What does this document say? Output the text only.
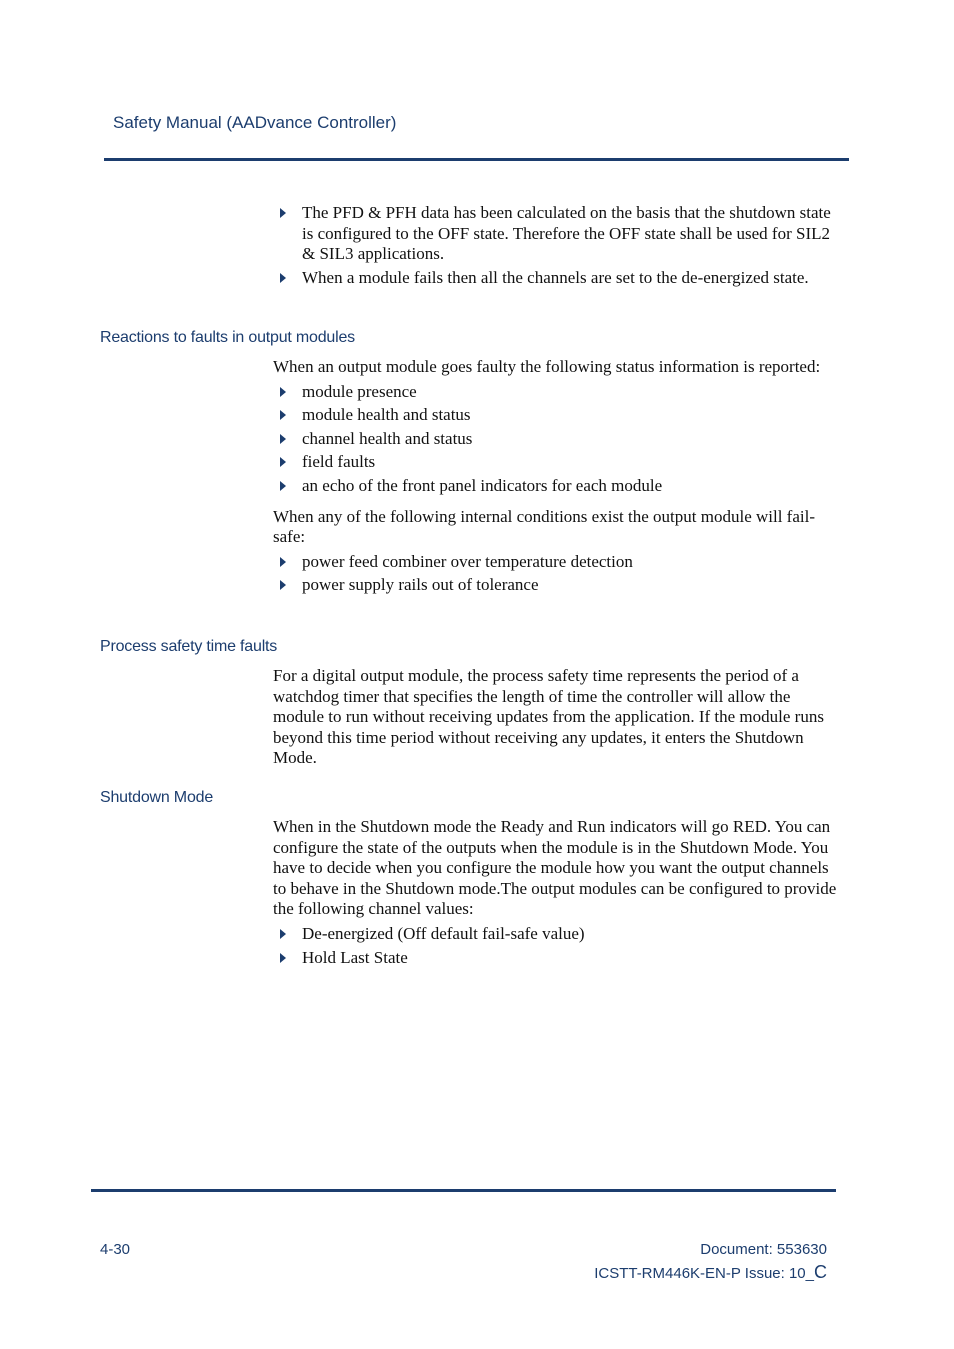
Safety Manual (AADvance Controller)
The PFD & PFH data has been calculated on the basis that the shutdown state is configured to the OFF state. Therefore the OFF state shall be used for SIL2 & SIL3 applications.
When a module fails then all the channels are set to the de-energized state.
Reactions to faults in output modules

When an output module goes faulty the following status information is reported:

module presence
module health and status
channel health and status
field faults
an echo of the front panel indicators for each module

When any of the following internal conditions exist the output module will fail-safe:

power feed combiner over temperature detection
power supply rails out of tolerance
Process safety time faults

For a digital output module, the process safety time represents the period of a watchdog timer that specifies the length of time the controller will allow the module to run without receiving updates from the application. If the module runs beyond this time period without receiving any updates, it enters the Shutdown Mode.

Shutdown Mode

When in the Shutdown mode the Ready and Run indicators will go RED. You can configure the state of the outputs when the module is in the Shutdown Mode. You have to decide when you configure the module how you want the output channels to behave in the Shutdown mode.The output modules can be configured to provide the following channel values:

De-energized (Off default fail-safe value)
Hold Last State
4-30	Document: 553630
ICSTT-RM446K-EN-P Issue: 10_C
